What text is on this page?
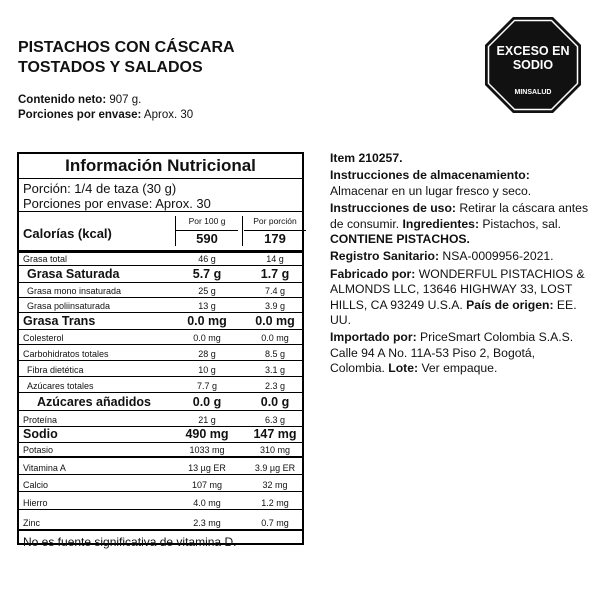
PISTACHOS CON CÁSCARA
TOSTADOS Y SALADOS
Contenido neto: 907 g.
Porciones por envase: Aprox. 30
EXCESO EN
SODIO
MINSALUD
Información Nutricional
Porción: 1/4 de taza (30 g)
Porciones por envase: Aprox. 30
Calorías (kcal)
Por 100 g	Por porción
590	179
Grasa total	46 g	14 g
Grasa Saturada	5.7 g	1.7 g
Grasa mono insaturada	25 g	7.4 g
Grasa poliinsaturada	13 g	3.9 g
Grasa Trans	0.0 mg	0.0 mg
Colesterol	0.0 mg	0.0 mg
Carbohidratos totales	28 g	8.5 g
Fibra dietética	10 g	3.1 g
Azúcares totales	7.7 g	2.3 g
Azúcares añadidos	0.0 g	0.0 g
Proteína	21 g	6.3 g
Sodio	490 mg	147 mg
Potasio	1033 mg	310 mg
Vitamina A	13 µg ER	3.9 µg ER
Calcio	107 mg	32 mg
Hierro	4.0 mg	1.2 mg
Zinc	2.3 mg	0.7 mg
No es fuente significativa de vitamina D.

Item 210257.

Instrucciones de almacenamiento:
Almacenar en un lugar fresco y seco.

Instrucciones de uso: Retirar la cáscara antes de consumir. Ingredientes: Pistachos, sal. CONTIENE PISTACHOS.

Registro Sanitario: NSA-0009956-2021.

Fabricado por: WONDERFUL PISTACHIOS & ALMONDS LLC, 13646 HIGHWAY 33, LOST HILLS, CA 93249 U.S.A. País de origen: EE. UU.

Importado por: PriceSmart Colombia S.A.S. Calle 94 A No. 11A-53 Piso 2, Bogotá, Colombia. Lote: Ver empaque.
